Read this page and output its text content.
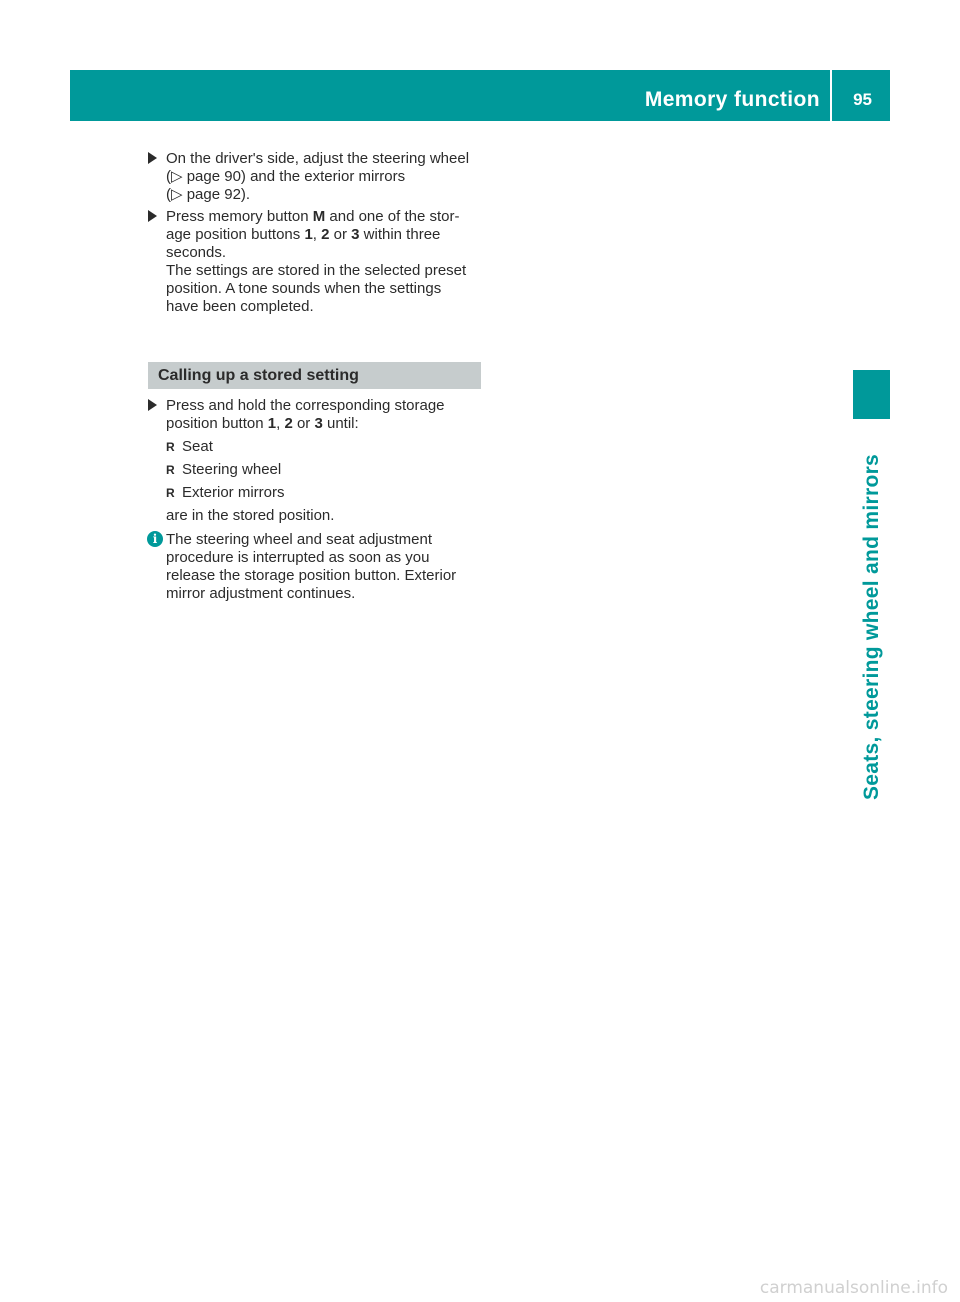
Memory function 95
Seats, steering wheel and mirrors
On the driver's side, adjust the steering wheel
(▷ page 90) and the exterior mirrors
(▷ page 92).
Press memory button M and one of the stor-
age position buttons 1, 2 or 3 within three
seconds.
The settings are stored in the selected preset
position. A tone sounds when the settings
have been completed.
Calling up a stored setting
Press and hold the corresponding storage
position button 1, 2 or 3 until:
R Seat
R Steering wheel
R Exterior mirrors
are in the stored position.
i The steering wheel and seat adjustment
procedure is interrupted as soon as you
release the storage position button. Exterior
mirror adjustment continues.
carmanualsonline.info
